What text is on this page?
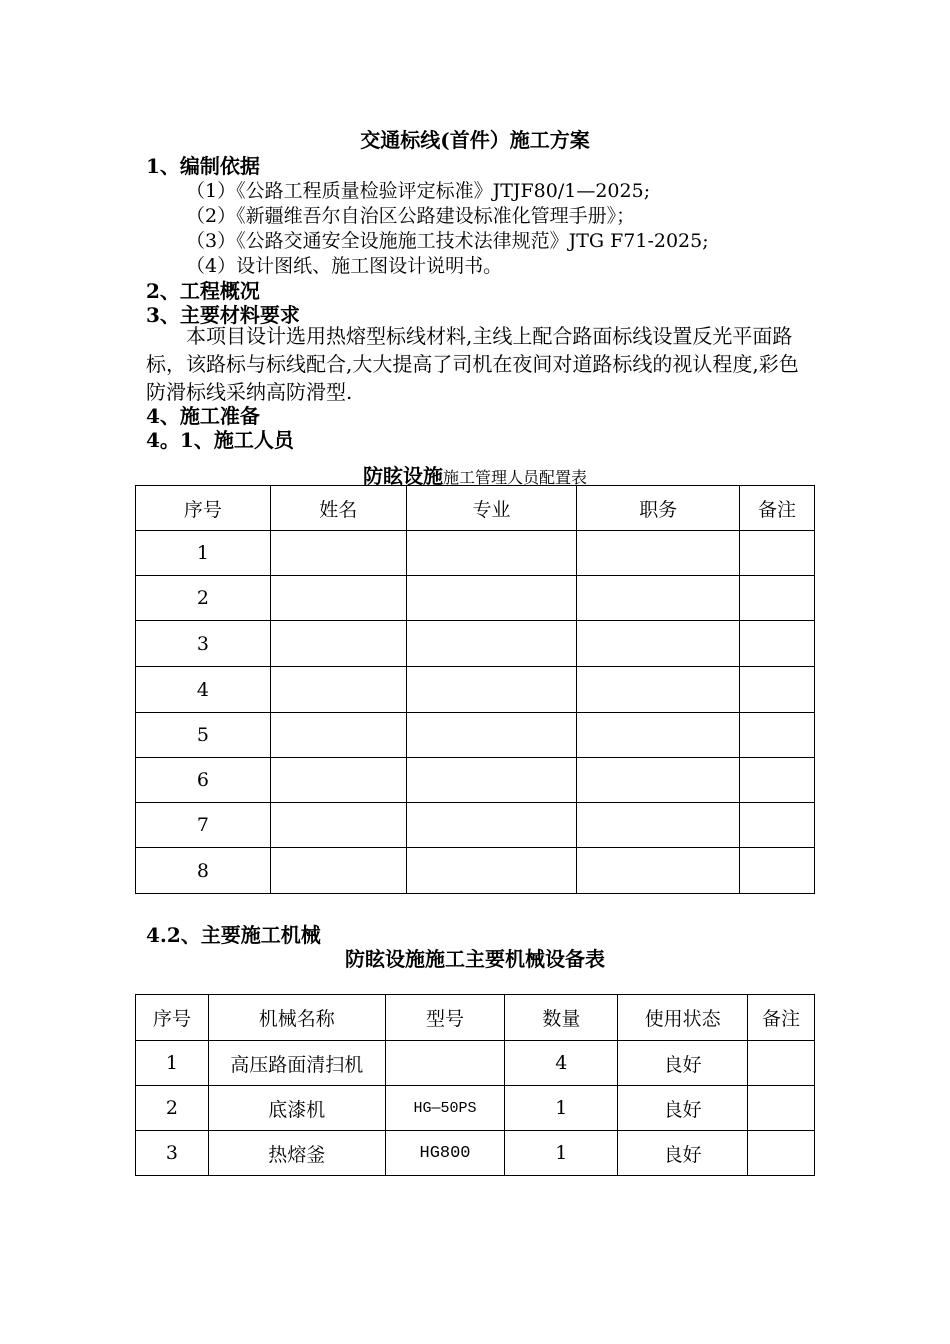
交通标线(首件）施工方案
1、编制依据
（1）《公路工程质量检验评定标准》JTJF80/1—2025;
（2）《新疆维吾尔自治区公路建设标准化管理手册》；
（3）《公路交通安全设施施工技术法律规范》JTG F71-2025;
（4）设计图纸、施工图设计说明书。
2、工程概况
3、主要材料要求
本项目设计选用热熔型标线材料,主线上配合路面标线设置反光平面路标，该路标与标线配合,大大提高了司机在夜间对道路标线的视认程度,彩色防滑标线采纳高防滑型.
4、施工准备
4。1、施工人员
防眩设施施工管理人员配置表
序号	姓名	专业	职务	备注
1				
2				
3				
4				
5				
6				
7				
8				
4.2、主要施工机械
防眩设施施工主要机械设备表
序号	机械名称	型号	数量	使用状态	备注
1	高压路面清扫机		4	良好	
2	底漆机	HG—50PS	1	良好	
3	热熔釜	HG800	1	良好	
